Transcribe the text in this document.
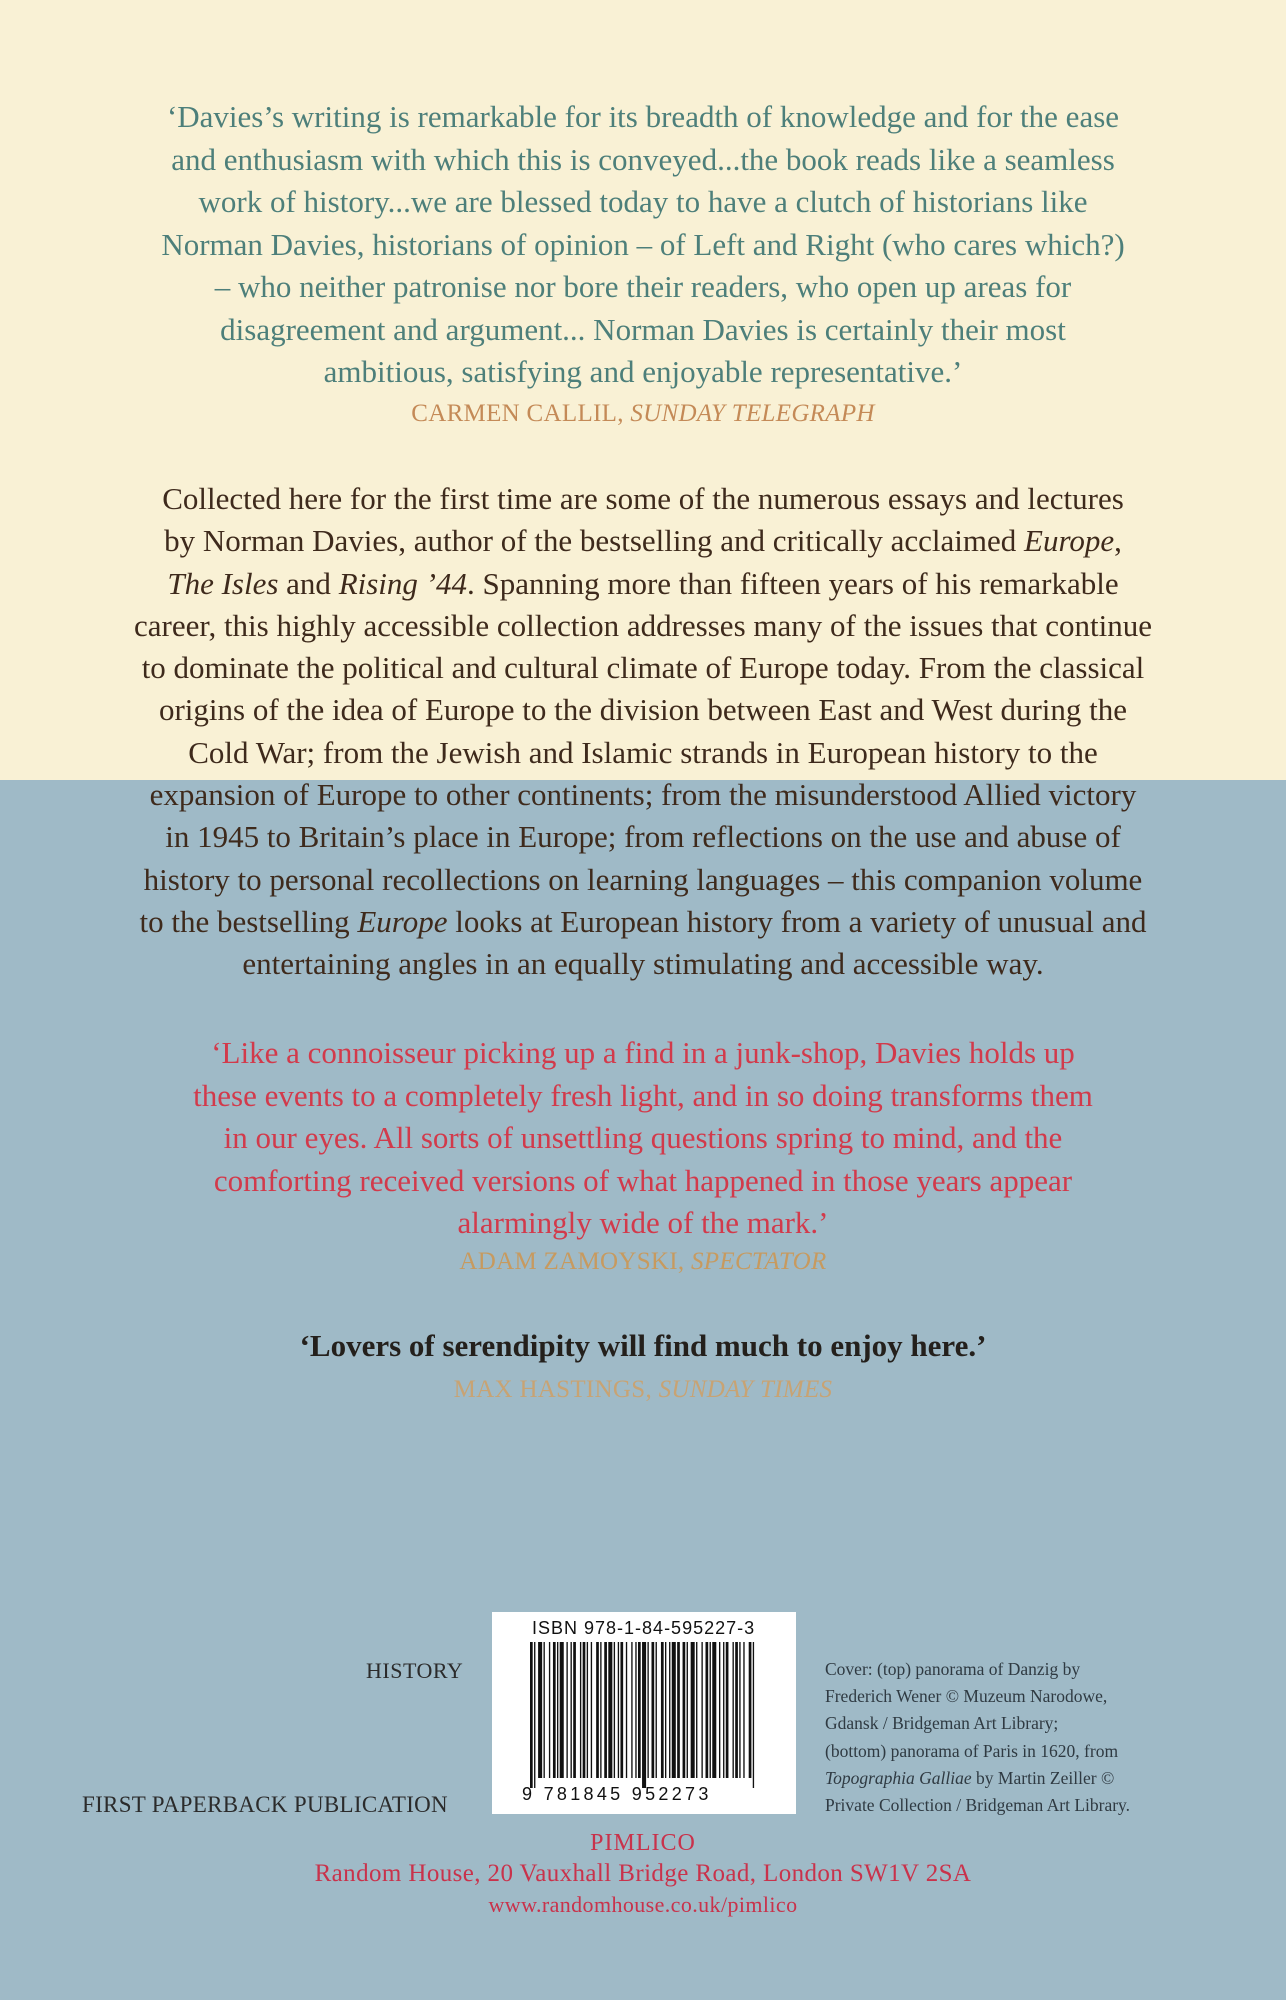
‘Davies’s writing is remarkable for its breadth of knowledge and for the ease
and enthusiasm with which this is conveyed...the book reads like a seamless
work of history...we are blessed today to have a clutch of historians like
Norman Davies, historians of opinion – of Left and Right (who cares which?)
– who neither patronise nor bore their readers, who open up areas for
disagreement and argument... Norman Davies is certainly their most
ambitious, satisfying and enjoyable representative.’
CARMEN CALLIL, SUNDAY TELEGRAPH
Collected here for the first time are some of the numerous essays and lectures
by Norman Davies, author of the bestselling and critically acclaimed Europe,
The Isles and Rising ’44. Spanning more than fifteen years of his remarkable
career, this highly accessible collection addresses many of the issues that continue
to dominate the political and cultural climate of Europe today. From the classical
origins of the idea of Europe to the division between East and West during the
Cold War; from the Jewish and Islamic strands in European history to the
expansion of Europe to other continents; from the misunderstood Allied victory
in 1945 to Britain’s place in Europe; from reflections on the use and abuse of
history to personal recollections on learning languages – this companion volume
to the bestselling Europe looks at European history from a variety of unusual and
entertaining angles in an equally stimulating and accessible way.
‘Like a connoisseur picking up a find in a junk-shop, Davies holds up
these events to a completely fresh light, and in so doing transforms them
in our eyes. All sorts of unsettling questions spring to mind, and the
comforting received versions of what happened in those years appear
alarmingly wide of the mark.’
ADAM ZAMOYSKI, SPECTATOR
‘Lovers of serendipity will find much to enjoy here.’
MAX HASTINGS, SUNDAY TIMES
HISTORY
FIRST PAPERBACK PUBLICATION
ISBN 978-1-84-595227-3
9 781845 952273
Cover: (top) panorama of Danzig by
Frederich Wener © Muzeum Narodowe,
Gdansk / Bridgeman Art Library;
(bottom) panorama of Paris in 1620, from
Topographia Galliae by Martin Zeiller ©
Private Collection / Bridgeman Art Library.
PIMLICO
Random House, 20 Vauxhall Bridge Road, London SW1V 2SA
www.randomhouse.co.uk/pimlico
